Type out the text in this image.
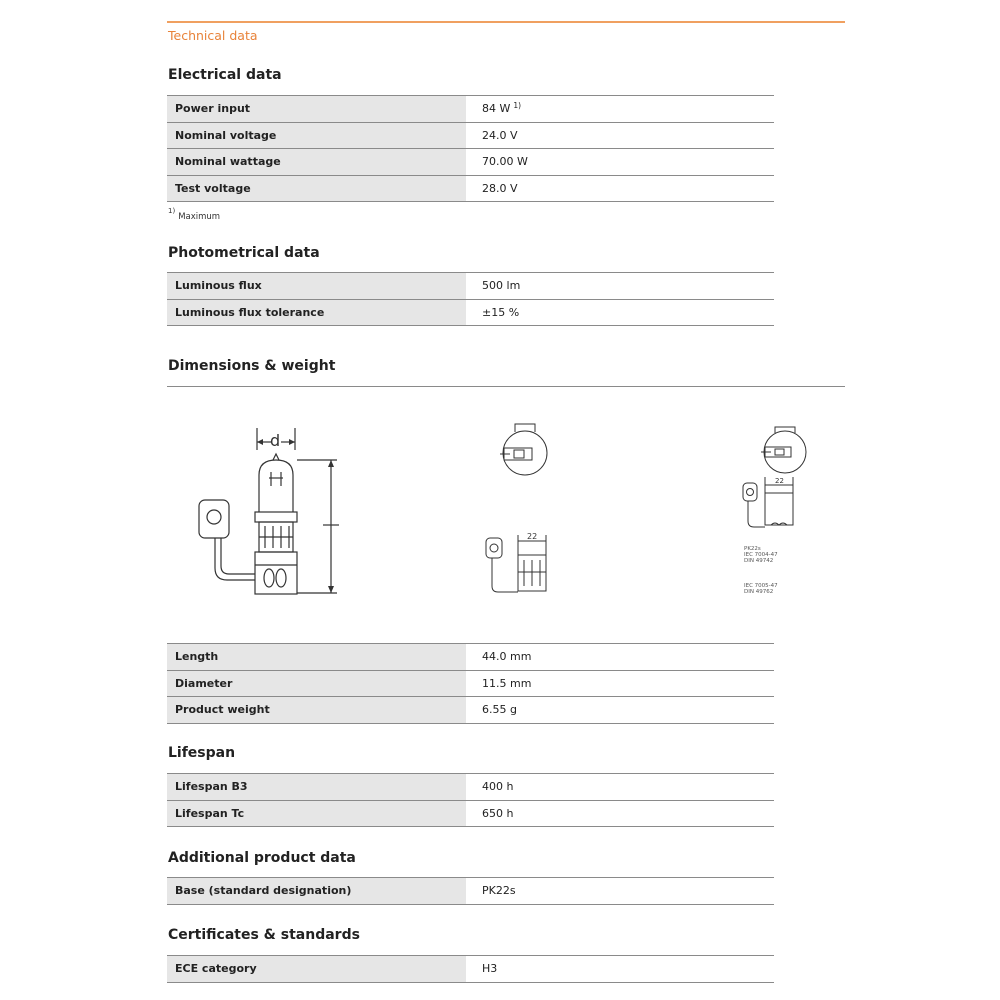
Technical data
Electrical data
Power input	84 W $^{1)}$
Nominal voltage	24.0 V
Nominal wattage	70.00 W
Test voltage	28.0 V
$^{1)}$Maximum
Photometrical data
Luminous flux	500 lm
Luminous flux tolerance	±15 %
Dimensions & weight
d
22
22
PK22s
IEC 7004-47
DIN 49742
IEC 7005-47
DIN 49762
Length	44.0 mm
Diameter	11.5 mm
Product weight	6.55 g
Lifespan
Lifespan B3	400 h
Lifespan Tc	650 h
Additional product data
Base (standard designation)	PK22s
Certificates & standards
ECE category	H3
